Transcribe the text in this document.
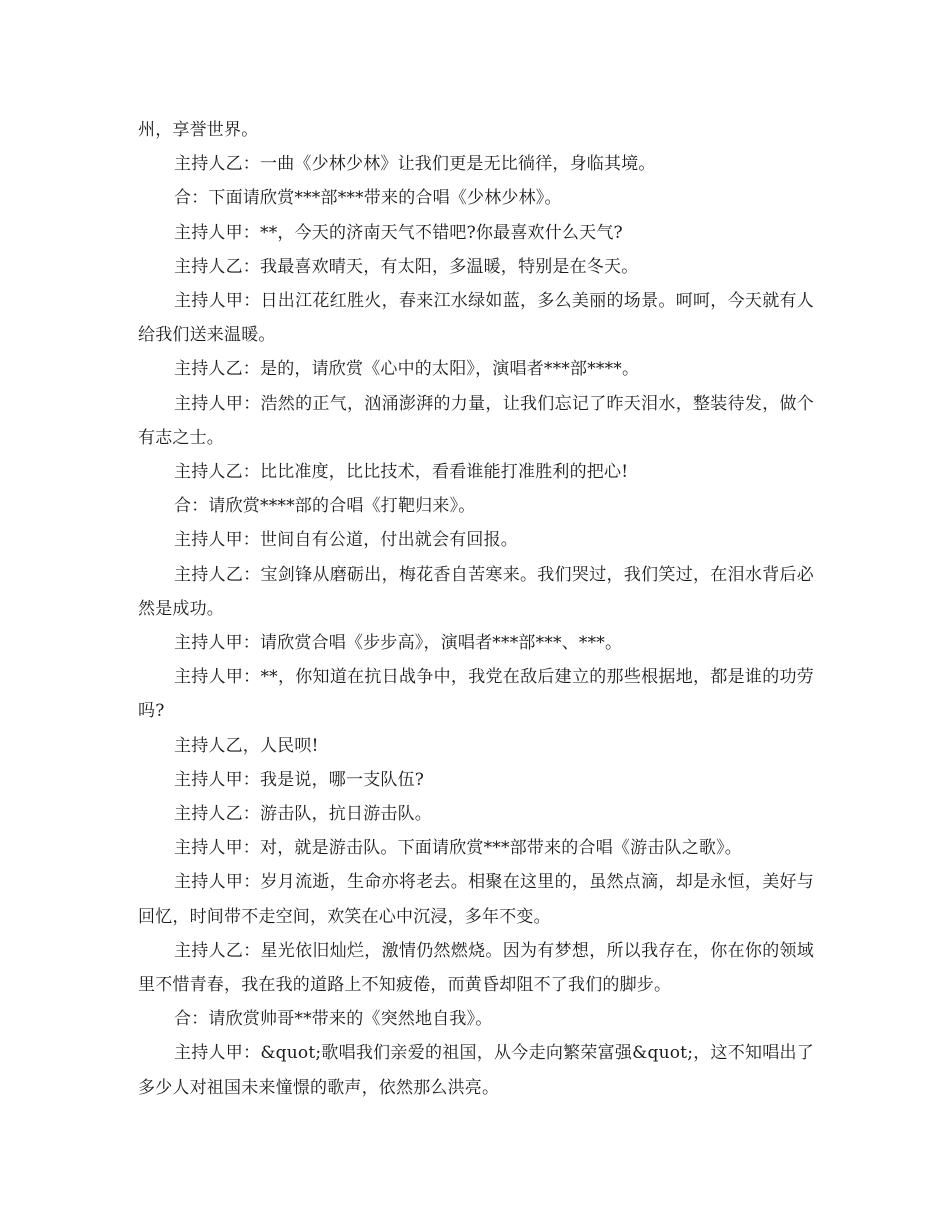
州，享誉世界。

主持人乙：一曲《少林少林》让我们更是无比徜徉，身临其境。

合：下面请欣赏***部***带来的合唱《少林少林》。

主持人甲：**，今天的济南天气不错吧?你最喜欢什么天气?

主持人乙：我最喜欢晴天，有太阳，多温暖，特别是在冬天。

主持人甲：日出江花红胜火，春来江水绿如蓝，多么美丽的场景。呵呵，今天就有人给我们送来温暖。

主持人乙：是的，请欣赏《心中的太阳》，演唱者***部****。

主持人甲：浩然的正气，汹涌澎湃的力量，让我们忘记了昨天泪水，整装待发，做个有志之士。

主持人乙：比比准度，比比技术，看看谁能打准胜利的把心!

合：请欣赏****部的合唱《打靶归来》。

主持人甲：世间自有公道，付出就会有回报。

主持人乙：宝剑锋从磨砺出，梅花香自苦寒来。我们哭过，我们笑过，在泪水背后必然是成功。

主持人甲：请欣赏合唱《步步高》，演唱者***部***、***。

主持人甲：**，你知道在抗日战争中，我党在敌后建立的那些根据地，都是谁的功劳吗?

主持人乙，人民呗!

主持人甲：我是说，哪一支队伍?

主持人乙：游击队，抗日游击队。

主持人甲：对，就是游击队。下面请欣赏***部带来的合唱《游击队之歌》。

主持人甲：岁月流逝，生命亦将老去。相聚在这里的，虽然点滴，却是永恒，美好与回忆，时间带不走空间，欢笑在心中沉浸，多年不变。

主持人乙：星光依旧灿烂，激情仍然燃烧。因为有梦想，所以我存在，你在你的领域里不惜青春，我在我的道路上不知疲倦，而黄昏却阻不了我们的脚步。

合：请欣赏帅哥**带来的《突然地自我》。

主持人甲：&quot;歌唱我们亲爱的祖国，从今走向繁荣富强&quot;，这不知唱出了多少人对祖国未来憧憬的歌声，依然那么洪亮。
